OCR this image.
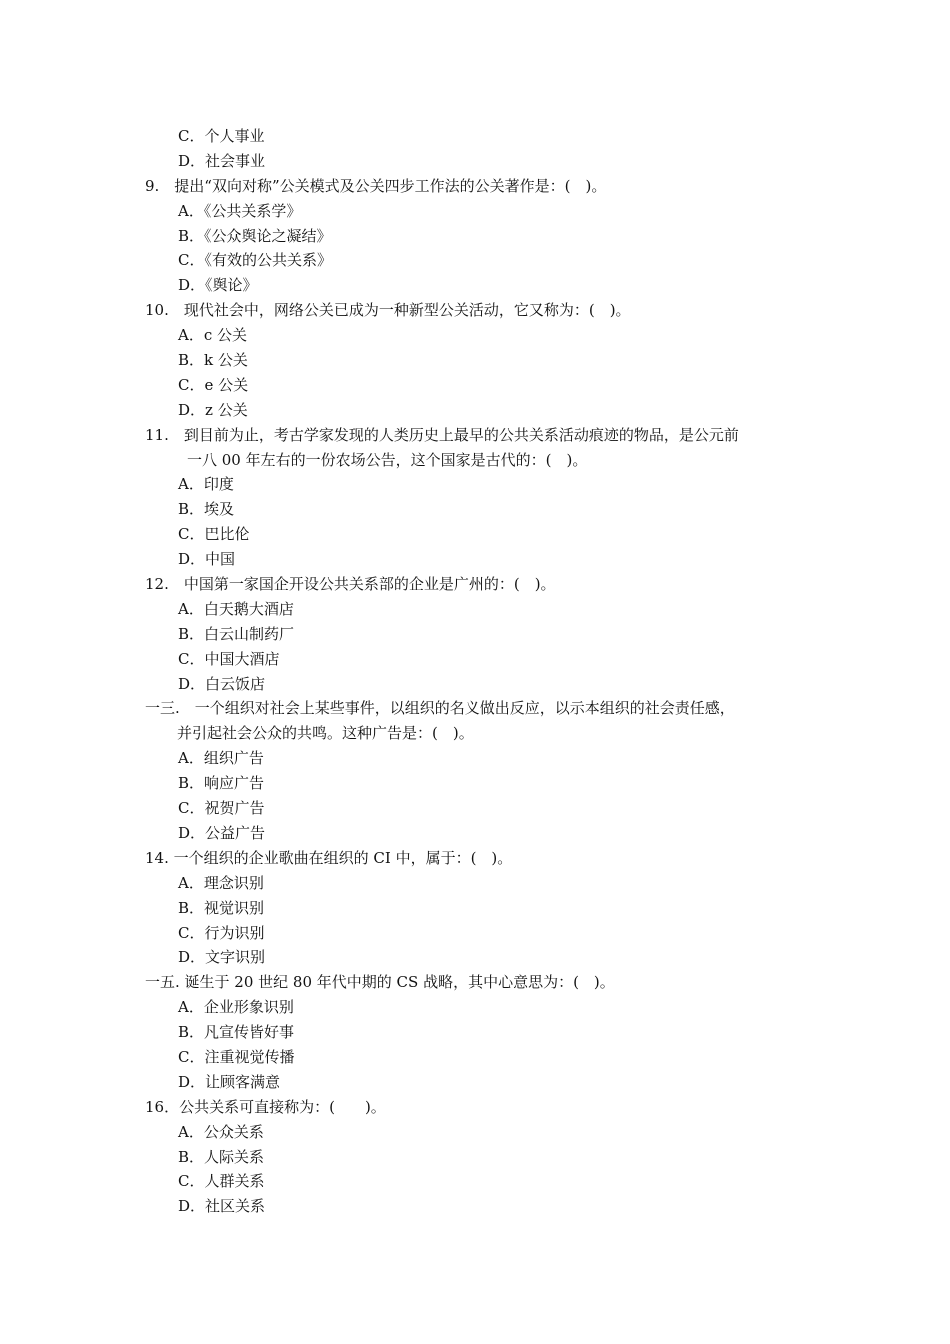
C．个人事业
D．社会事业
9.　提出“双向对称”公关模式及公关四步工作法的公关著作是：(　)。
A．《公共关系学》
B．《公众舆论之凝结》
C．《有效的公共关系》
D．《舆论》
10.　现代社会中，网络公关已成为一种新型公关活动，它又称为：(　)。
A．c 公关
B．k 公关
C．e 公关
D．z 公关
11.　到目前为止，考古学家发现的人类历史上最早的公共关系活动痕迹的物品，是公元前
一八 00 年左右的一份农场公告，这个国家是古代的：(　)。
A．印度
B．埃及
C．巴比伦
D．中国
12.　中国第一家国企开设公共关系部的企业是广州的：(　)。
A．白天鹅大酒店
B．白云山制药厂
C．中国大酒店
D．白云饭店
一三.　一个组织对社会上某些事件，以组织的名义做出反应，以示本组织的社会责任感，
并引起社会公众的共鸣。这种广告是：(　)。
A．组织广告
B．响应广告
C．祝贺广告
D．公益广告
14. 一个组织的企业歌曲在组织的 CI 中，属于：(　)。
A．理念识别
B．视觉识别
C．行为识别
D．文字识别
一五. 诞生于 20 世纪 80 年代中期的 CS 战略，其中心意思为：(　)。
A．企业形象识别
B．凡宣传皆好事
C．注重视觉传播
D．让顾客满意
16．公共关系可直接称为：(　　)。
A．公众关系
B．人际关系
C．人群关系
D．社区关系
